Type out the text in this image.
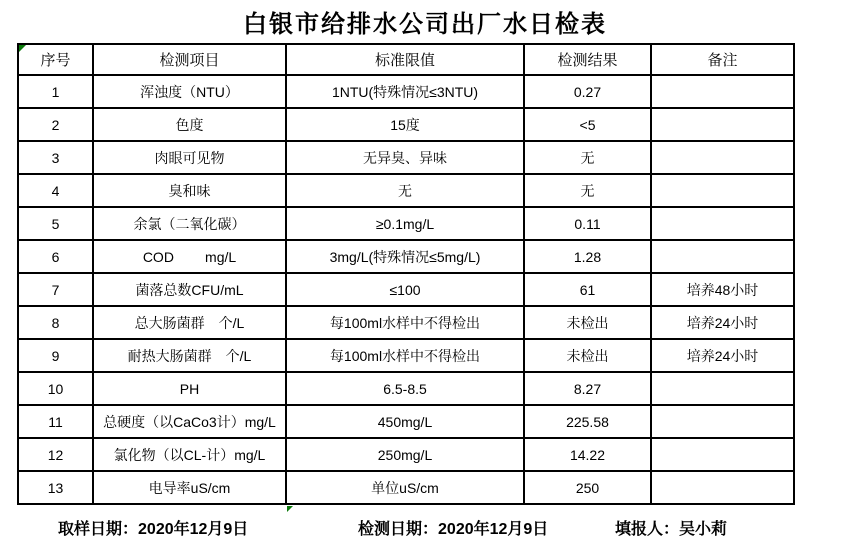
白银市给排水公司出厂水日检表
序号	检测项目	标准限值	检测结果	备注
1	浑浊度（NTU）	1NTU(特殊情况≤3NTU)	0.27	
2	色度	15度	<5	
3	肉眼可见物	无异臭、异味	无	
4	臭和味	无	无	
5	余氯（二氧化碳）	≥0.1mg/L	0.11	
6	COD        mg/L	3mg/L(特殊情况≤5mg/L)	1.28	
7	菌落总数CFU/mL	≤100	61	培养48小时
8	总大肠菌群　个/L	每100ml水样中不得检出	未检出	培养24小时
9	耐热大肠菌群　个/L	每100ml水样中不得检出	未检出	培养24小时
10	PH	6.5-8.5	8.27	
11	总硬度（以CaCo3计）mg/L	450mg/L	225.58	
12	氯化物（以CL-计）mg/L	250mg/L	14.22	
13	电导率uS/cm	单位uS/cm	250	

取样日期：2020年12月9日

	检测日期：2020年12月9日

	填报人：吴小莉
